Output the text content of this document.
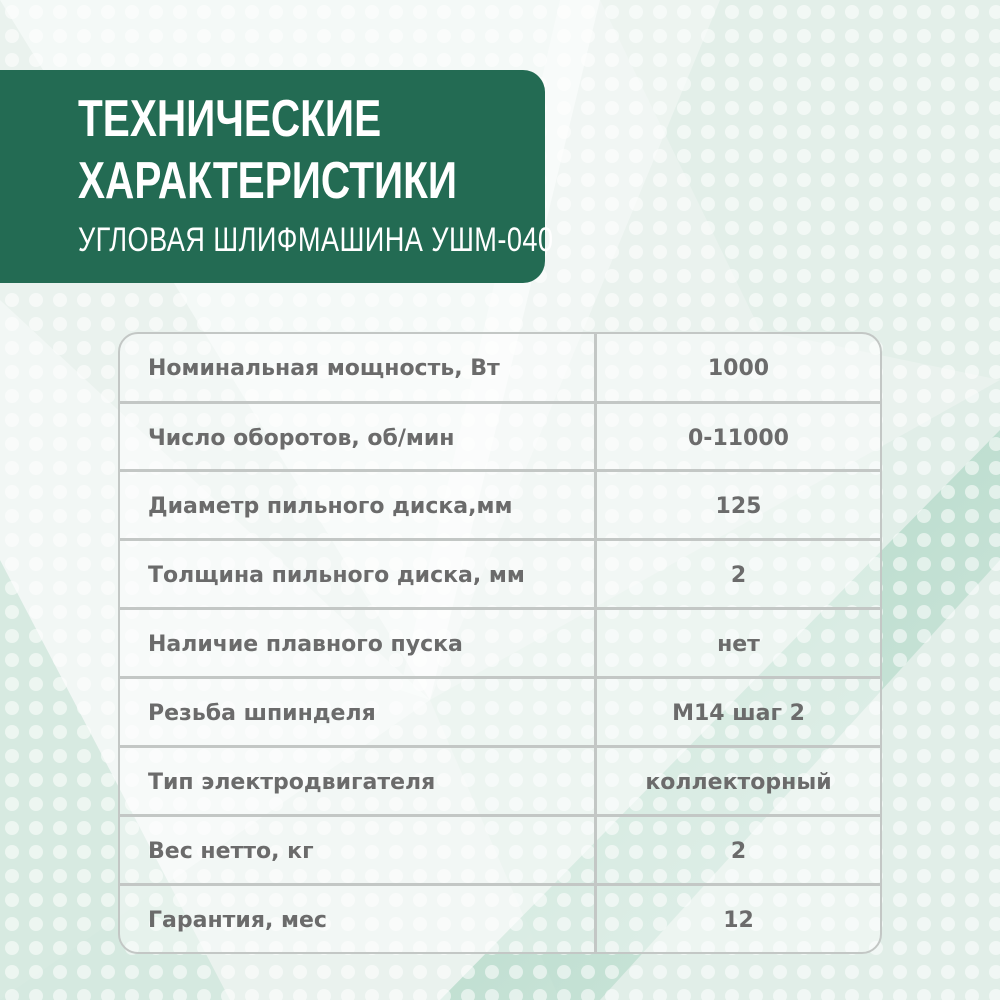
ТЕХНИЧЕСКИЕ
ХАРАКТЕРИСТИКИ
УГЛОВАЯ ШЛИФМАШИНА УШМ-040
Номинальная мощность, Вт	1000
Число оборотов, об/мин	0-11000
Диаметр пильного диска,мм	125
Толщина пильного диска, мм	2
Наличие плавного пуска	нет
Резьба шпинделя	М14 шаг 2
Тип электродвигателя	коллекторный
Вес нетто, кг	2
Гарантия, мес	12
